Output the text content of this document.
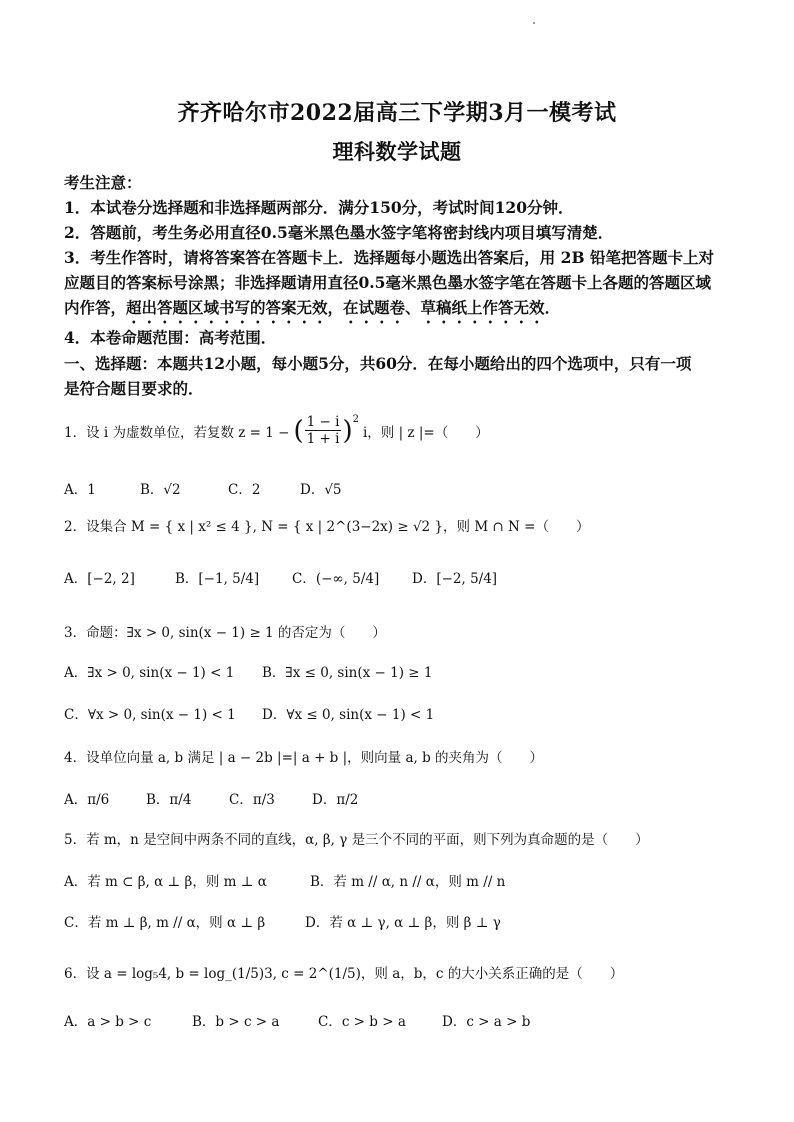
齐齐哈尔市2022届高三下学期3月一模考试
理科数学试题
考生注意：
1．本试卷分选择题和非选择题两部分．满分150分，考试时间120分钟．
2．答题前，考生务必用直径0.5毫米黑色墨水签字笔将密封线内项目填写清楚．
3．考生作答时，请将答案答在答题卡上．选择题每小题选出答案后，用 2B 铅笔把答题卡上对
应题目的答案标号涂黑；非选择题请用直径0.5毫米黑色墨水签字笔在答题卡上各题的答题区域
内作答，超出答题区域书写的答案无效，在试题卷、草稿纸上作答无效．
4．本卷命题范围：高考范围．
一、选择题：本题共12小题，每小题5分，共60分．在每小题给出的四个选项中，只有一项
是符合题目要求的．
1．设 i 为虚数单位，若复数 z = 1 − ( $\frac{1 - i}{1 + i} )^2$
i，则 | z |=（　　）
A．1	B．√2	C．2	D．√5
2．设集合 M = { x | x² ≤ 4 }, N = { x | 2^(3−2x) ≥ √2 }，则 M ∩ N =（　　）
A．[−2, 2]	B．[−1, 5/4] C．(−∞, 5/4] D．[−2, 5/4]
3．命题：∃x > 0, sin(x − 1) ≥ 1 的否定为（　　）
A．∃x > 0, sin(x − 1) < 1 B．∃x ≤ 0, sin(x − 1) ≥ 1
C．∀x > 0, sin(x − 1) < 1 D．∀x ≤ 0, sin(x − 1) < 1
4．设单位向量 a, b 满足 | a − 2b |=| a + b |，则向量 a, b 的夹角为（　　）
A．π/6	B．π/4	C．π/3	D．π/2
5．若 m，n 是空间中两条不同的直线，α, β, γ 是三个不同的平面，则下列为真命题的是（　　）
A．若 m ⊂ β, α ⊥ β，则 m ⊥ α	B．若 m // α, n // α，则 m // n
C．若 m ⊥ β, m // α，则 α ⊥ β	D．若 α ⊥ γ, α ⊥ β，则 β ⊥ γ
6．设 a = log₅4, b = log_(1/5)3, c = 2^(1/5)，则 a，b，c 的大小关系正确的是（　　）
A．a > b > c	B．b > c > a	C．c > b > a	D．c > a > b
